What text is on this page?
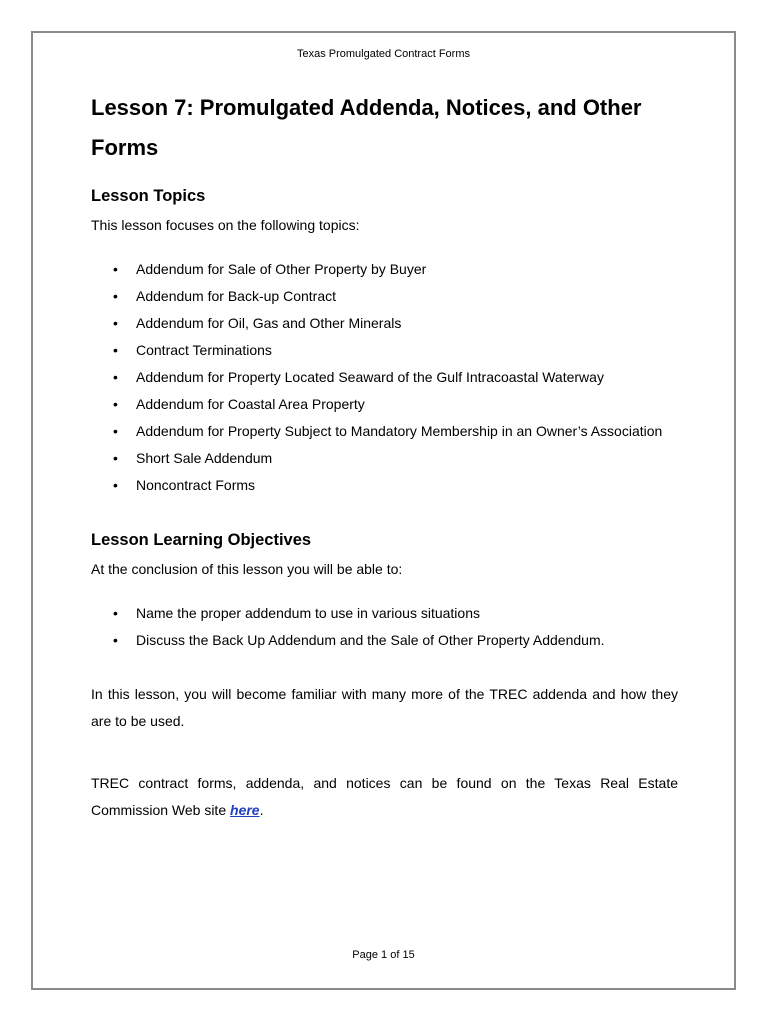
Texas Promulgated Contract Forms
Lesson 7: Promulgated Addenda, Notices, and Other Forms
Lesson Topics

This lesson focuses on the following topics:

• Addendum for Sale of Other Property by Buyer
• Addendum for Back-up Contract
• Addendum for Oil, Gas and Other Minerals
• Contract Terminations
• Addendum for Property Located Seaward of the Gulf Intracoastal Waterway
• Addendum for Coastal Area Property
• Addendum for Property Subject to Mandatory Membership in an Owner’s Association
• Short Sale Addendum
• Noncontract Forms
Lesson Learning Objectives

At the conclusion of this lesson you will be able to:

• Name the proper addendum to use in various situations
• Discuss the Back Up Addendum and the Sale of Other Property Addendum.

In this lesson, you will become familiar with many more of the TREC addenda and how they are to be used.

TREC contract forms, addenda, and notices can be found on the Texas Real Estate Commission Web site here.

Page 1 of 15
